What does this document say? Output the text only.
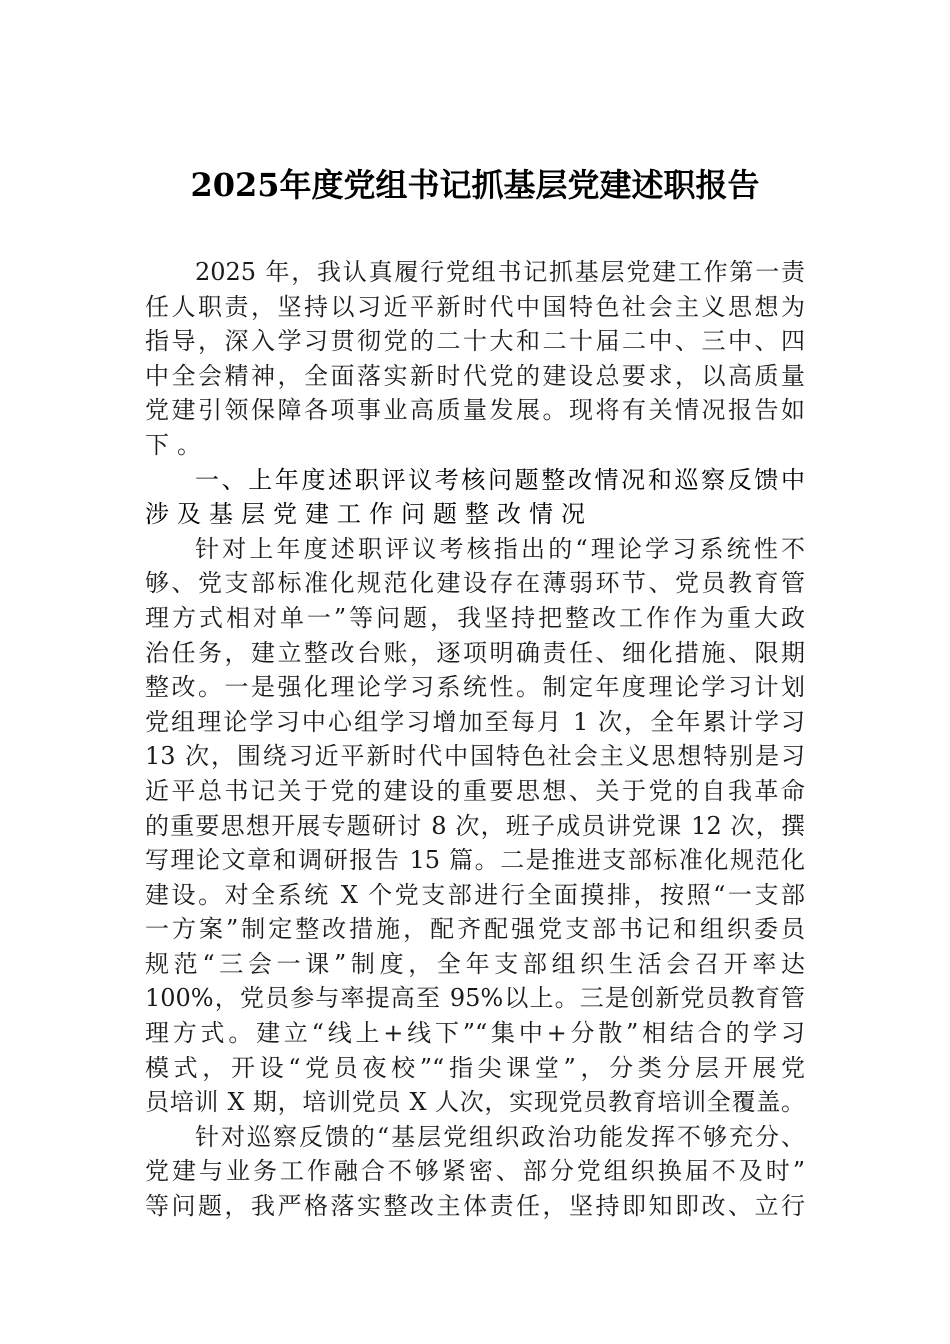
2025年度党组书记抓基层党建述职报告
2025 年，我认真履行党组书记抓基层党建工作第一责
任人职责，坚持以习近平新时代中国特色社会主义思想为
指导，深入学习贯彻党的二十大和二十届二中、三中、四
中全会精神，全面落实新时代党的建设总要求，以高质量
党建引领保障各项事业高质量发展。现将有关情况报告如
下。
一、上年度述职评议考核问题整改情况和巡察反馈中
涉及基层党建工作问题整改情况
针对上年度述职评议考核指出的“理论学习系统性不
够、党支部标准化规范化建设存在薄弱环节、党员教育管
理方式相对单一”等问题，我坚持把整改工作作为重大政
治任务，建立整改台账，逐项明确责任、细化措施、限期
整改。一是强化理论学习系统性。制定年度理论学习计划
党组理论学习中心组学习增加至每月 1 次，全年累计学习
13 次，围绕习近平新时代中国特色社会主义思想特别是习
近平总书记关于党的建设的重要思想、关于党的自我革命
的重要思想开展专题研讨 8 次，班子成员讲党课 12 次，撰
写理论文章和调研报告 15 篇。二是推进支部标准化规范化
建设。对全系统 X 个党支部进行全面摸排，按照“一支部
一方案”制定整改措施，配齐配强党支部书记和组织委员
规范“三会一课”制度，全年支部组织生活会召开率达
100%，党员参与率提高至 95%以上。三是创新党员教育管
理方式。建立“线上+线下”“集中+分散”相结合的学习
模式，开设“党员夜校”“指尖课堂”，分类分层开展党
员培训 X 期，培训党员 X 人次，实现党员教育培训全覆盖。
针对巡察反馈的“基层党组织政治功能发挥不够充分、
党建与业务工作融合不够紧密、部分党组织换届不及时”
等问题，我严格落实整改主体责任，坚持即知即改、立行
